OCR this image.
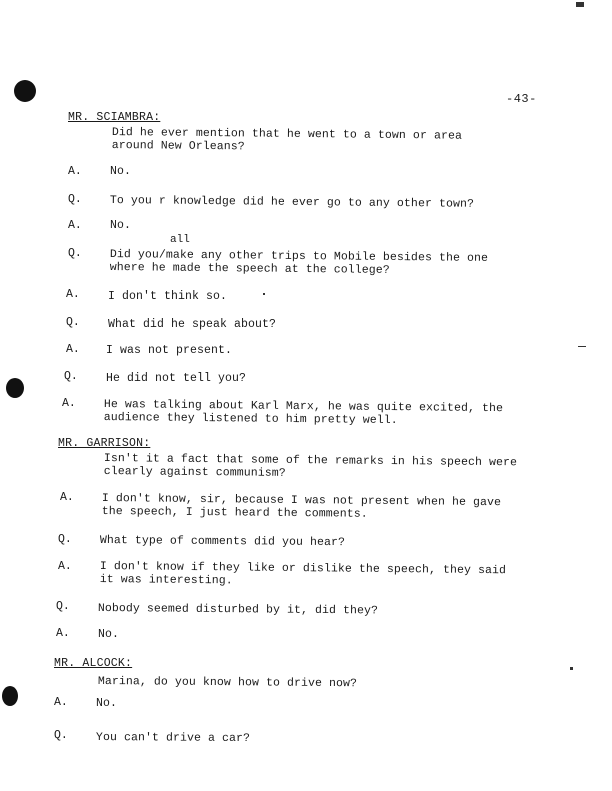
-43-
MR. SCIAMBRA:
MR. GARRISON:
MR. ALCOCK:
Did he ever mention that he went to a town or area
around New Orleans?
A. No.
Q. To you r knowledge did he ever go to any other town?
A. No.
all
Q. Did you/make any other trips to Mobile besides the one
where he made the speech at the college?
A. I don't think so.
Q. What did he speak about?
A. I was not present.
Q. He did not tell you?
A. He was talking about Karl Marx, he was quite excited, the
audience they listened to him pretty well.
Isn't it a fact that some of the remarks in his speech were
clearly against communism?
A. I don't know, sir, because I was not present when he gave
the speech, I just heard the comments.
Q. What type of comments did you hear?
A. I don't know if they like or dislike the speech, they said
it was interesting.
Q. Nobody seemed disturbed by it, did they?
A. No.
Marina, do you know how to drive now?
A. No.
Q. You can't drive a car?
